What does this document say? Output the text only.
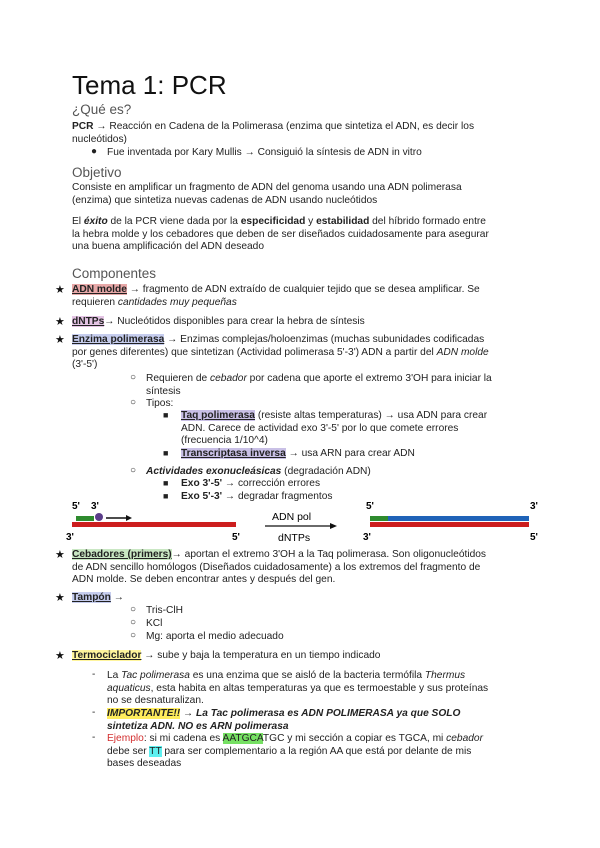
Tema 1: PCR
¿Qué es?
PCR → Reacción en Cadena de la Polimerasa (enzima que sintetiza el ADN, es decir los
nucleótidos)
● Fue inventada por Kary Mullis → Consiguió la síntesis de ADN in vitro
Objetivo
Consiste en amplificar un fragmento de ADN del genoma usando una ADN polimerasa
(enzima) que sintetiza nuevas cadenas de ADN usando nucleótidos
El éxito de la PCR viene dada por la especificidad y estabilidad del híbrido formado entre
la hebra molde y los cebadores que deben de ser diseñados cuidadosamente para asegurar
una buena amplificación del ADN deseado
Componentes
★ ADN molde → fragmento de ADN extraído de cualquier tejido que se desea amplificar. Se
requieren cantidades muy pequeñas
★ dNTPs→ Nucleótidos disponibles para crear la hebra de síntesis
★ Enzima polimerasa → Enzimas complejas/holoenzimas (muchas subunidades codificadas
por genes diferentes) que sintetizan (Actividad polimerasa 5'-3') ADN a partir del ADN molde
(3'-5')
○ Requieren de cebador por cadena que aporte el extremo 3'OH para iniciar la
síntesis
○ Tipos:
■ Taq polimerasa (resiste altas temperaturas) → usa ADN para crear
ADN. Carece de actividad exo 3'-5' por lo que comete errores
(frecuencia 1/10^4)
■ Transcriptasa inversa → usa ARN para crear ADN
○ Actividades exonucleásicas (degradación ADN)
■ Exo 3'-5' → corrección errores
■ Exo 5'-3' → degradar fragmentos
5' 3'
3'	5'
ADN pol
dNTPs
5'	3'
3'	5'
★ Cebadores (primers)→ aportan el extremo 3'OH a la Taq polimerasa. Son oligonucleótidos
de ADN sencillo homólogos (Diseñados cuidadosamente) a los extremos del fragmento de
ADN molde. Se deben encontrar antes y después del gen.
★ Tampón →
○ Tris-ClH
○ KCl
○ Mg: aporta el medio adecuado
★ Termociclador → sube y baja la temperatura en un tiempo indicado
- La Tac polimerasa es una enzima que se aisló de la bacteria termófila Thermus
aquaticus, esta habita en altas temperaturas ya que es termoestable y sus proteínas
no se desnaturalizan.
- IMPORTANTE!! → La Tac polimerasa es ADN POLIMERASA ya que SOLO
sintetiza ADN. NO es ARN polimerasa
- Ejemplo: si mi cadena es AATGCATGC y mi sección a copiar es TGCA, mi cebador
debe ser TT para ser complementario a la región AA que está por delante de mis
bases deseadas
